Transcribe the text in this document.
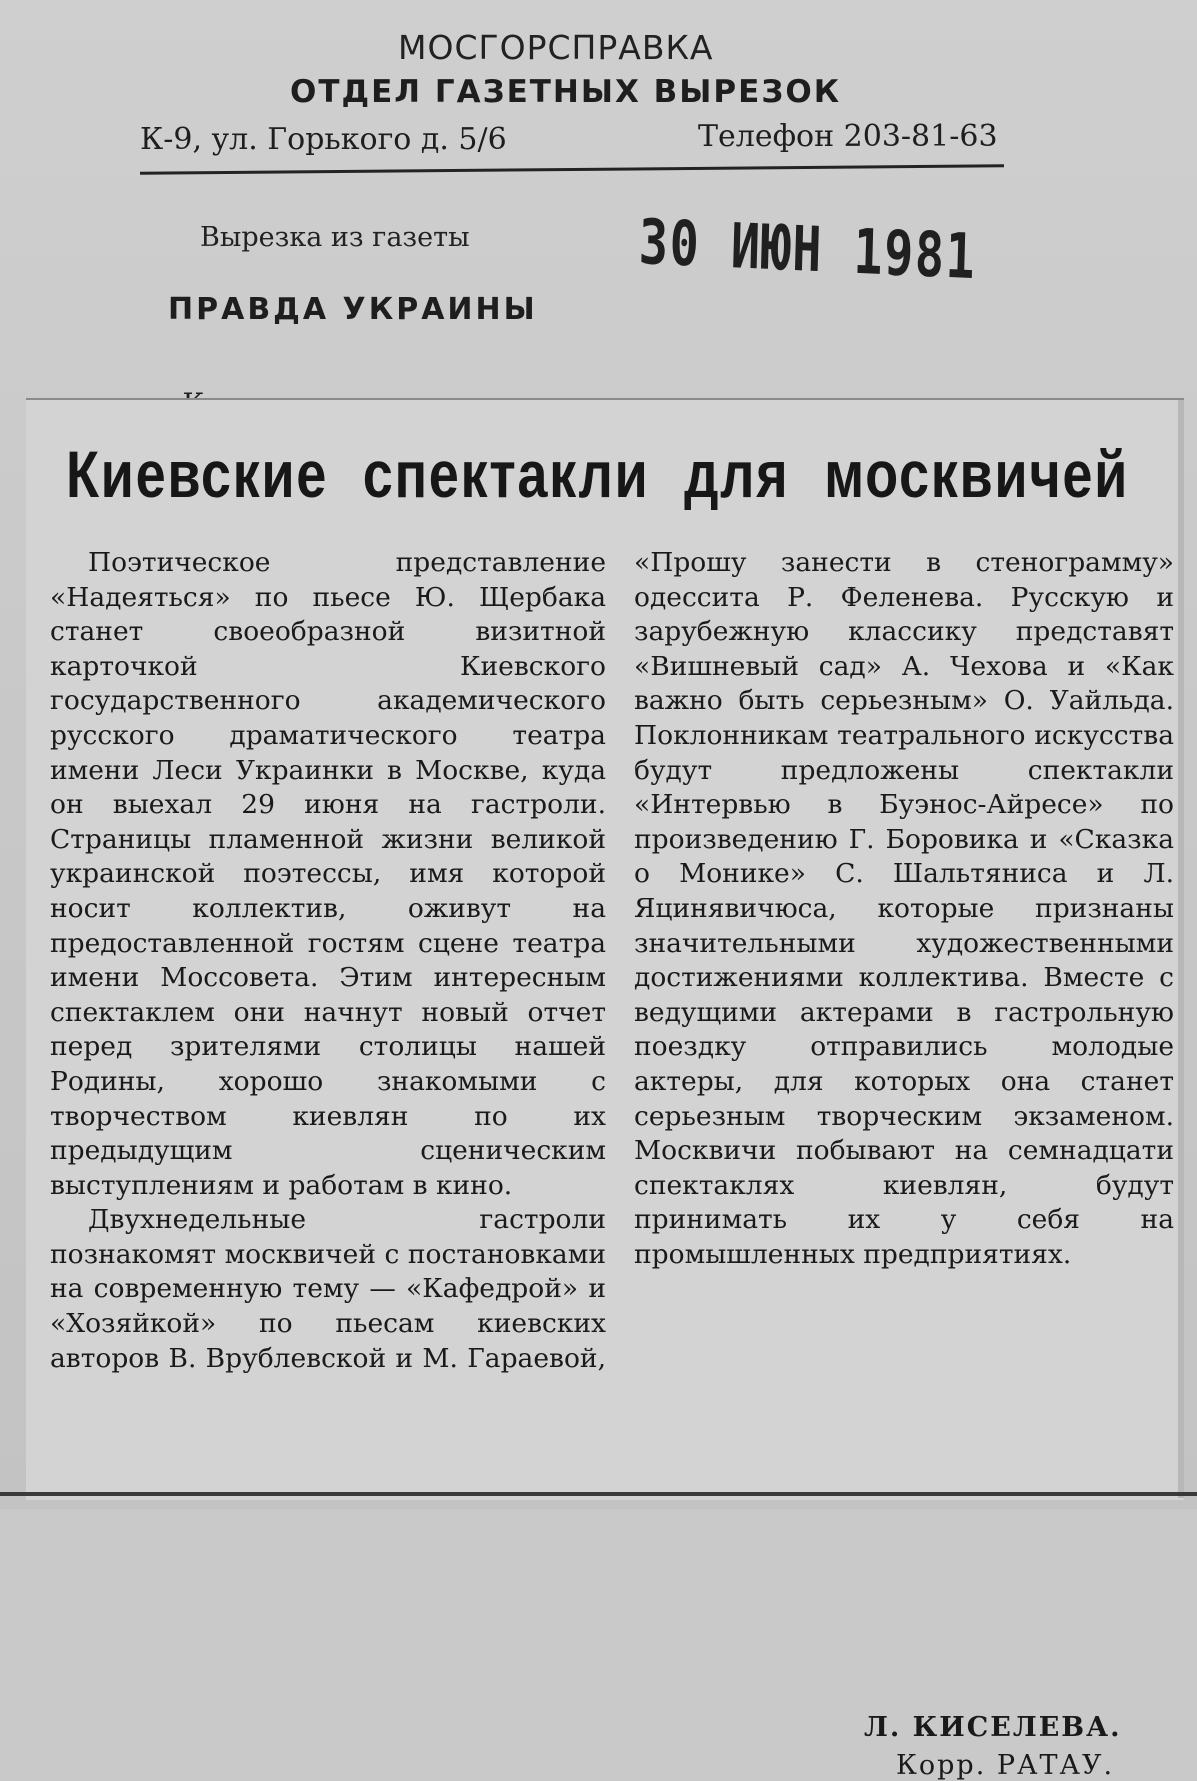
МОСГОРСПРАВКА
ОТДЕЛ ГАЗЕТНЫХ ВЫРЕЗОК
К-9, ул. Горького д. 5/6	Телефон 203-81-63
Вырезка из газеты
ПРАВДА УКРАИНЫ
30 ИЮН 1981
Киевские спектакли для москвичей

Поэтическое представление «Надеяться» по пьесе Ю. Щербака станет своеобразной визитной карточкой Киевского государственного академического русского драматического театра имени Леси Украинки в Москве, куда он выехал 29 июня на гастроли. Страницы пламенной жизни великой украинской поэтессы, имя которой носит коллектив, оживут на предоставленной гостям сцене театра имени Моссовета. Этим интересным спектаклем они начнут новый отчет перед зрителями столицы нашей Родины, хорошо знакомыми с творчеством киевлян по их предыдущим сценическим выступлениям и работам в кино.

Двухнедельные гастроли познакомят москвичей с постановками на современную тему — «Кафедрой» и «Хозяйкой» по пьесам киевских авторов В. Врублевской и М. Гараевой,

«Прошу занести в стенограмму» одессита Р. Феленева. Русскую и зарубежную классику представят «Вишневый сад» А. Чехова и «Как важно быть серьезным» О. Уайльда. Поклонникам театрального искусства будут предложены спектакли «Интервью в Буэнос-Айресе» по произведению Г. Боровика и «Сказка о Монике» С. Шальтяниса и Л. Яцинявичюса, которые признаны значительными художественными достижениями коллектива. Вместе с ведущими актерами в гастрольную поездку отправились молодые актеры, для которых она станет серьезным творческим экзаменом. Москвичи побывают на семнадцати спектаклях киевлян, будут принимать их у себя на промышленных предприятиях.

Л. КИСЕЛЕВА.
Корр. РАТАУ.
